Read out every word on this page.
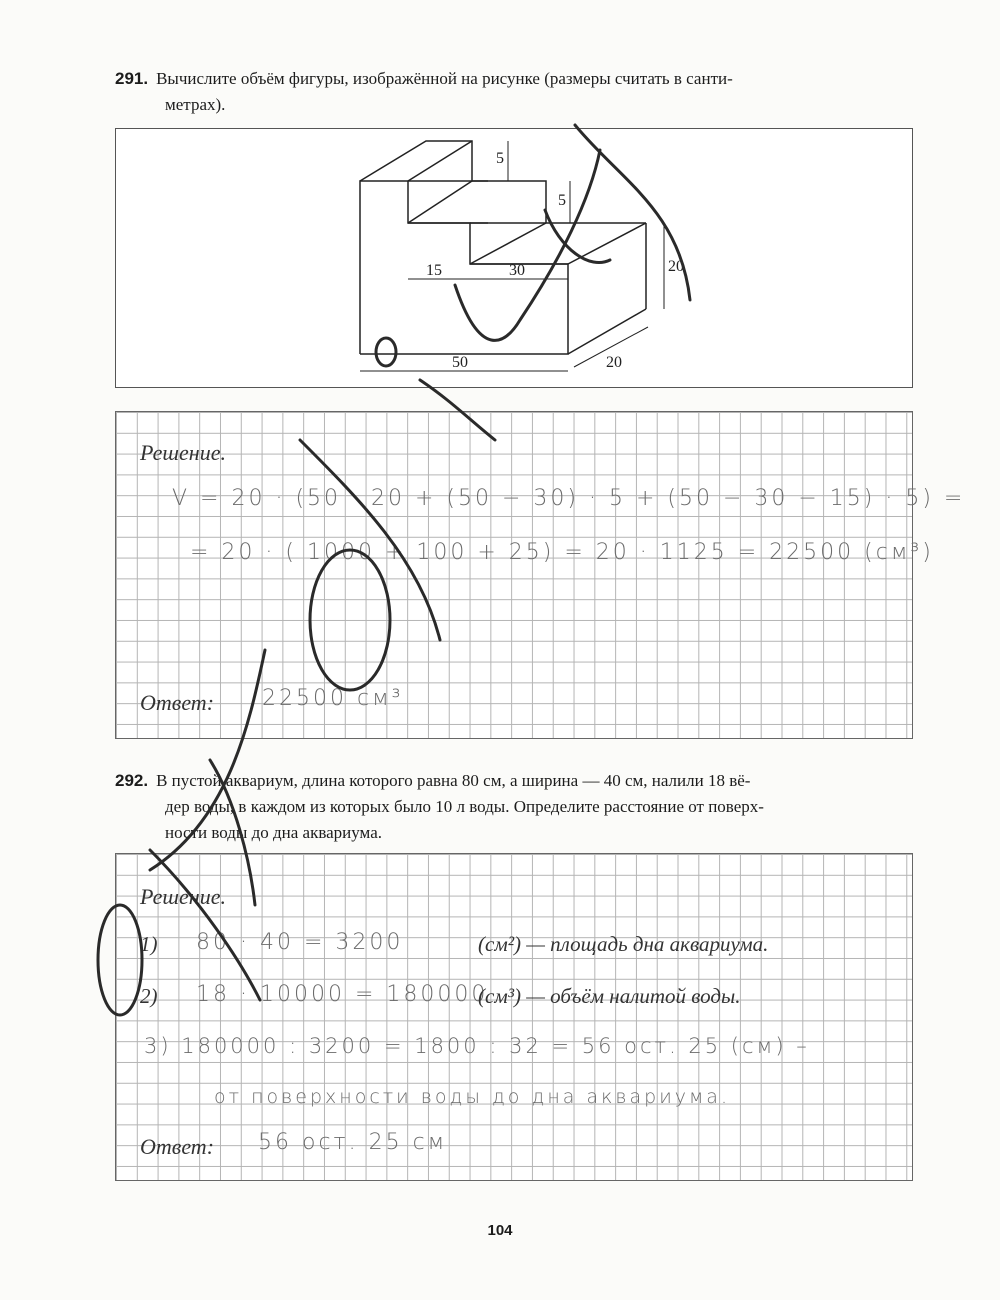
291. Вычислите объём фигуры, изображённой на рисунке (размеры считать в санти-
метрах).
5
5
20
15	30
50	20
Решение.
V = 20 · (50 · 20 + (50 − 30) · 5 + (50 − 30 − 15) · 5) =
= 20 · ( 1000 + 100 + 25) = 20 · 1125 = 22500 (см³)
Ответ: 22500 см³
292. В пустой аквариум, длина которого равна 80 см, а ширина — 40 см, налили 18 вё-
дер воды, в каждом из которых было 10 л воды. Определите расстояние от поверх-
ности воды до дна аквариума.
Решение.
1) 80 · 40 = 3200	(см²) — площадь дна аквариума.
2) 18 · 10000 = 180000
(см³) — объём налитой воды.
3) 180000 : 3200 = 1800 : 32 = 56 ост. 25 (см) –
от поверхности воды до дна аквариума.
Ответ: 56 ост. 25 см
104
